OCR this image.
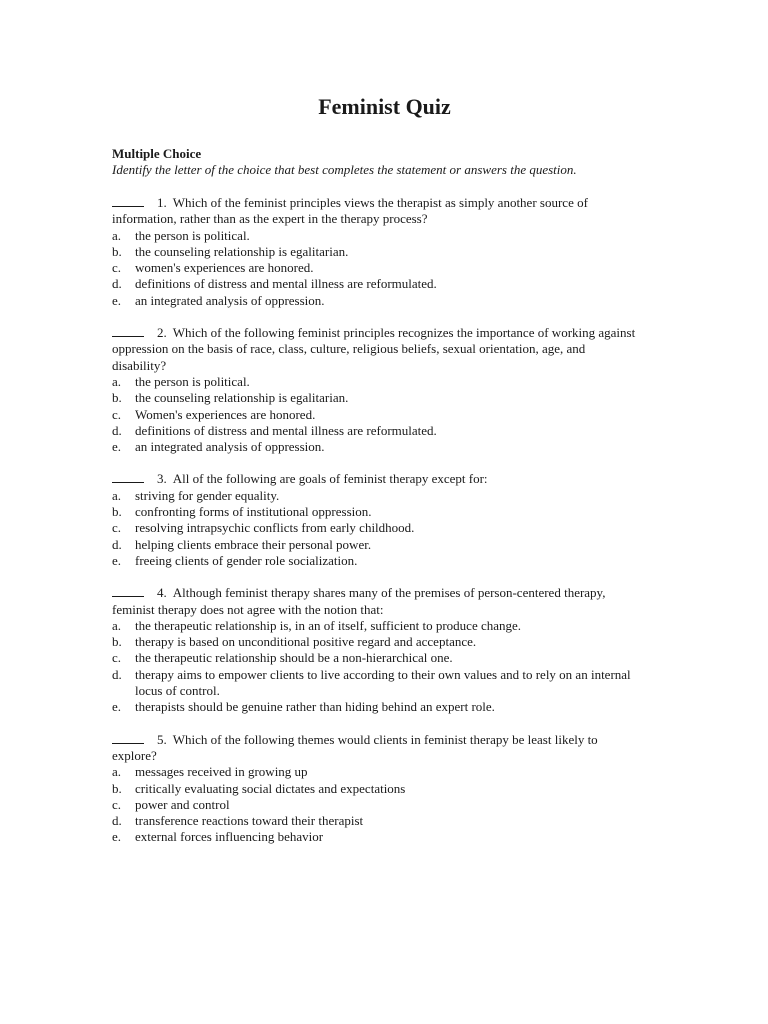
Feminist Quiz

Multiple Choice

Identify the letter of the choice that best completes the statement or answers the question.

1. Which of the feminist principles views the therapist as simply another source of information, rather than as the expert in the therapy process?

a.	the person is political.
b.	the counseling relationship is egalitarian.
c.	women's experiences are honored.
d.	definitions of distress and mental illness are reformulated.
e.	an integrated analysis of oppression.

2. Which of the following feminist principles recognizes the importance of working against oppression on the basis of race, class, culture, religious beliefs, sexual orientation, age, and disability?

a.	the person is political.
b.	the counseling relationship is egalitarian.
c.	Women's experiences are honored.
d.	definitions of distress and mental illness are reformulated.
e.	an integrated analysis of oppression.

3. All of the following are goals of feminist therapy except for:

a.	striving for gender equality.
b.	confronting forms of institutional oppression.
c.	resolving intrapsychic conflicts from early childhood.
d.	helping clients embrace their personal power.
e.	freeing clients of gender role socialization.

4. Although feminist therapy shares many of the premises of person-centered therapy, feminist therapy does not agree with the notion that:

a.	the therapeutic relationship is, in an of itself, sufficient to produce change.
b.	therapy is based on unconditional positive regard and acceptance.
c.	the therapeutic relationship should be a non-hierarchical one.
d.	therapy aims to empower clients to live according to their own values and to rely on an internal locus of control.
e.	therapists should be genuine rather than hiding behind an expert role.

5. Which of the following themes would clients in feminist therapy be least likely to explore?

a.	messages received in growing up
b.	critically evaluating social dictates and expectations
c.	power and control
d.	transference reactions toward their therapist
e.	external forces influencing behavior
